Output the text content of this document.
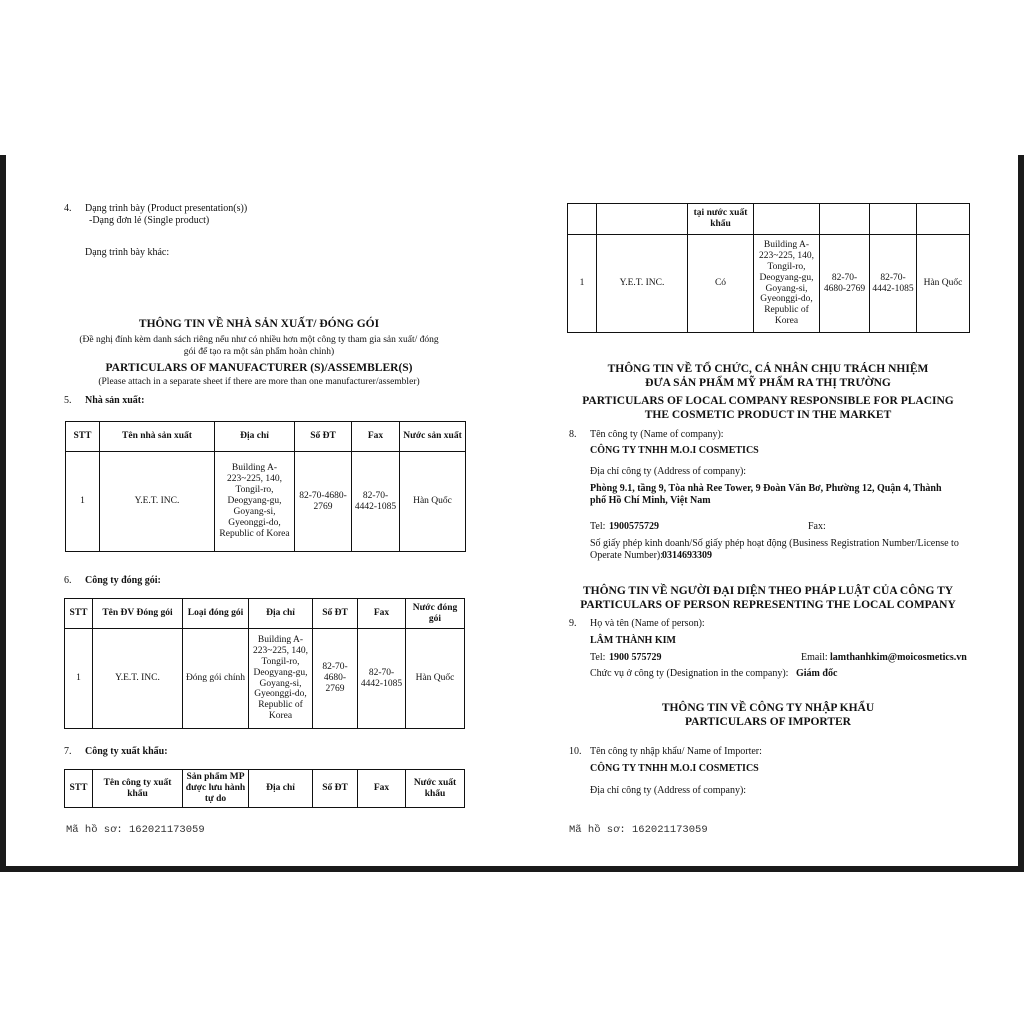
4. Dạng trình bày (Product presentation(s))
-Dạng đơn lẻ (Single product)
Dạng trình bày khác:
THÔNG TIN VỀ NHÀ SẢN XUẤT/ ĐÓNG GÓI
(Đề nghị đính kèm danh sách riêng nếu như có nhiều hơn một công ty tham gia sản xuất/ đóng
gói để tạo ra một sản phẩm hoàn chỉnh)
PARTICULARS OF MANUFACTURER (S)/ASSEMBLER(S)
(Please attach in a separate sheet if there are more than one manufacturer/assembler)
5. Nhà sản xuất:
STT	Tên nhà sản xuất	Địa chỉ	Số ĐT	Fax	Nước sản xuất
1	Y.E.T. INC.	Building A-223~225, 140, Tongil-ro, Deogyang-gu, Goyang-si, Gyeonggi-do, Republic of Korea	82-70-4680-2769	82-70-4442-1085	Hàn Quốc
6. Công ty đóng gói:
STT	Tên ĐV Đóng gói	Loại đóng gói	Địa chỉ	Số ĐT	Fax	Nước đóng gói
1	Y.E.T. INC.	Đóng gói chính	Building A-223~225, 140, Tongil-ro, Deogyang-gu, Goyang-si, Gyeonggi-do, Republic of Korea	82-70-4680-2769	82-70-4442-1085	Hàn Quốc
7. Công ty xuất khẩu:
STT	Tên công ty xuất khẩu	Sản phẩm MP được lưu hành tự do	Địa chỉ	Số ĐT	Fax	Nước xuất khẩu
Mã hồ sơ: 162021173059
		tại nước xuất khẩu				
1	Y.E.T. INC.	Có	Building A-223~225, 140, Tongil-ro, Deogyang-gu, Goyang-si, Gyeonggi-do, Republic of Korea	82-70-4680-2769	82-70-4442-1085	Hàn Quốc
THÔNG TIN VỀ TỔ CHỨC, CÁ NHÂN CHỊU TRÁCH NHIỆM
ĐƯA SẢN PHẨM MỸ PHẨM RA THỊ TRƯỜNG
PARTICULARS OF LOCAL COMPANY RESPONSIBLE FOR PLACING
THE COSMETIC PRODUCT IN THE MARKET
8. Tên công ty (Name of company):
CÔNG TY TNHH M.O.I COSMETICS
Địa chỉ công ty (Address of company):
Phòng 9.1, tầng 9, Tòa nhà Ree Tower, 9 Đoàn Văn Bơ, Phường 12, Quận 4, Thành
phố Hồ Chí Minh, Việt Nam
Tel: 1900575729	Fax:
Số giấy phép kinh doanh/Số giấy phép hoạt động (Business Registration Number/License to
Operate Number):
0314693309
THÔNG TIN VỀ NGƯỜI ĐẠI DIỆN THEO PHÁP LUẬT CỦA CÔNG TY
PARTICULARS OF PERSON REPRESENTING THE LOCAL COMPANY
9. Họ và tên (Name of person):
LÂM THÀNH KIM
Tel: 1900 575729	Email: lamthanhkim@moicosmetics.vn
Chức vụ ở công ty (Designation in the company): Giám đốc
THÔNG TIN VỀ CÔNG TY NHẬP KHẨU
PARTICULARS OF IMPORTER
10. Tên công ty nhập khẩu/ Name of Importer:
CÔNG TY TNHH M.O.I COSMETICS
Địa chỉ công ty (Address of company):
Mã hồ sơ: 162021173059
